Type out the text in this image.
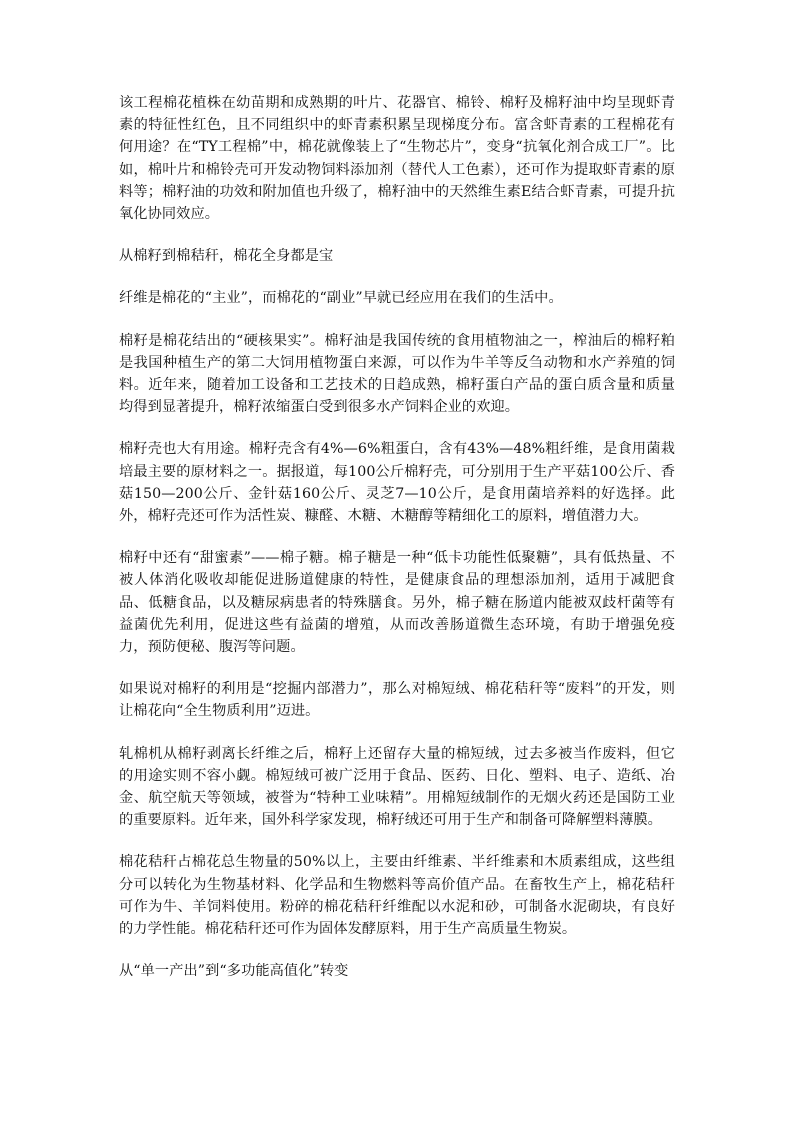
该工程棉花植株在幼苗期和成熟期的叶片、花器官、棉铃、棉籽及棉籽油中均呈现虾青素的特征性红色，且不同组织中的虾青素积累呈现梯度分布。富含虾青素的工程棉花有何用途？在“TY工程棉”中，棉花就像装上了“生物芯片”，变身“抗氧化剂合成工厂”。比如，棉叶片和棉铃壳可开发动物饲料添加剂（替代人工色素），还可作为提取虾青素的原料等；棉籽油的功效和附加值也升级了，棉籽油中的天然维生素E结合虾青素，可提升抗氧化协同效应。

从棉籽到棉秸秆，棉花全身都是宝

纤维是棉花的“主业”，而棉花的“副业”早就已经应用在我们的生活中。

棉籽是棉花结出的“硬核果实”。棉籽油是我国传统的食用植物油之一，榨油后的棉籽粕是我国种植生产的第二大饲用植物蛋白来源，可以作为牛羊等反刍动物和水产养殖的饲料。近年来，随着加工设备和工艺技术的日趋成熟，棉籽蛋白产品的蛋白质含量和质量均得到显著提升，棉籽浓缩蛋白受到很多水产饲料企业的欢迎。

棉籽壳也大有用途。棉籽壳含有4%—6%粗蛋白，含有43%—48%粗纤维，是食用菌栽培最主要的原材料之一。据报道，每100公斤棉籽壳，可分别用于生产平菇100公斤、香菇150—200公斤、金针菇160公斤、灵芝7—10公斤，是食用菌培养料的好选择。此外，棉籽壳还可作为活性炭、糠醛、木糖、木糖醇等精细化工的原料，增值潜力大。

棉籽中还有“甜蜜素”——棉子糖。棉子糖是一种“低卡功能性低聚糖”，具有低热量、不被人体消化吸收却能促进肠道健康的特性，是健康食品的理想添加剂，适用于减肥食品、低糖食品，以及糖尿病患者的特殊膳食。另外，棉子糖在肠道内能被双歧杆菌等有益菌优先利用，促进这些有益菌的增殖，从而改善肠道微生态环境，有助于增强免疫力，预防便秘、腹泻等问题。

如果说对棉籽的利用是“挖掘内部潜力”，那么对棉短绒、棉花秸秆等“废料”的开发，则让棉花向“全生物质利用”迈进。

轧棉机从棉籽剥离长纤维之后，棉籽上还留存大量的棉短绒，过去多被当作废料，但它的用途实则不容小觑。棉短绒可被广泛用于食品、医药、日化、塑料、电子、造纸、冶金、航空航天等领域，被誉为“特种工业味精”。用棉短绒制作的无烟火药还是国防工业的重要原料。近年来，国外科学家发现，棉籽绒还可用于生产和制备可降解塑料薄膜。

棉花秸秆占棉花总生物量的50%以上，主要由纤维素、半纤维素和木质素组成，这些组分可以转化为生物基材料、化学品和生物燃料等高价值产品。在畜牧生产上，棉花秸秆可作为牛、羊饲料使用。粉碎的棉花秸秆纤维配以水泥和砂，可制备水泥砌块，有良好的力学性能。棉花秸秆还可作为固体发酵原料，用于生产高质量生物炭。

从“单一产出”到“多功能高值化”转变
